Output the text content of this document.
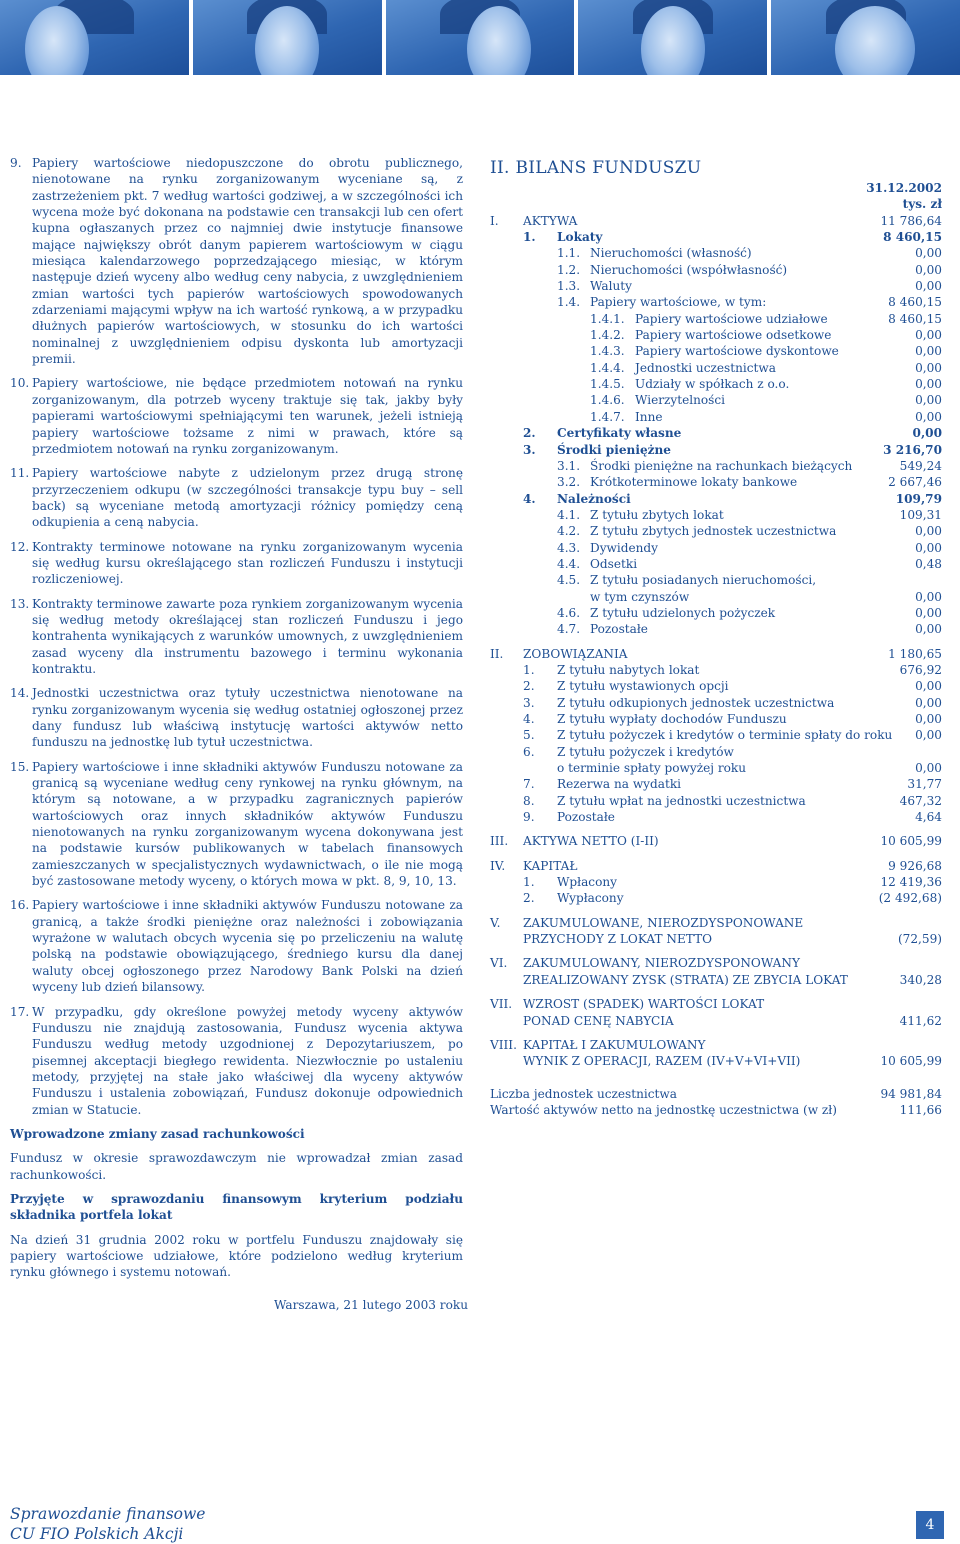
9. Papiery wartościowe niedopuszczone do obrotu publicznego, nienotowane na rynku zorganizowanym wyceniane są, z zastrzeżeniem pkt. 7 według wartości godziwej, a w szczególności ich wycena może być dokonana na podstawie cen transakcji lub cen ofert kupna ogłaszanych przez co najmniej dwie instytucje finansowe mające największy obrót danym papierem wartościowym w ciągu miesiąca kalendarzowego poprzedzającego miesiąc, w którym następuje dzień wyceny albo według ceny nabycia, z uwzględnieniem zmian wartości tych papierów wartościowych spowodowanych zdarzeniami mającymi wpływ na ich wartość rynkową, a w przypadku dłużnych papierów wartościowych, w stosunku do ich wartości nominalnej z uwzględnieniem odpisu dyskonta lub amortyzacji premii.

10. Papiery wartościowe, nie będące przedmiotem notowań na rynku zorganizowanym, dla potrzeb wyceny traktuje się tak, jakby były papierami wartościowymi spełniającymi ten warunek, jeżeli istnieją papiery wartościowe tożsame z nimi w prawach, które są przedmiotem notowań na rynku zorganizowanym.

11. Papiery wartościowe nabyte z udzielonym przez drugą stronę przyrzeczeniem odkupu (w szczególności transakcje typu buy – sell back) są wyceniane metodą amortyzacji różnicy pomiędzy ceną odkupienia a ceną nabycia.

12. Kontrakty terminowe notowane na rynku zorganizowanym wycenia się według kursu określającego stan rozliczeń Funduszu i instytucji rozliczeniowej.

13. Kontrakty terminowe zawarte poza rynkiem zorganizowanym wycenia się według metody określającej stan rozliczeń Funduszu i jego kontrahenta wynikających z warunków umownych, z uwzględnieniem zasad wyceny dla instrumentu bazowego i terminu wykonania kontraktu.

14. Jednostki uczestnictwa oraz tytuły uczestnictwa nienotowane na rynku zorganizowanym wycenia się według ostatniej ogłoszonej przez dany fundusz lub właściwą instytucję wartości aktywów netto funduszu na jednostkę lub tytuł uczestnictwa.

15. Papiery wartościowe i inne składniki aktywów Funduszu notowane za granicą są wyceniane według ceny rynkowej na rynku głównym, na którym są notowane, a w przypadku zagranicznych papierów wartościowych oraz innych składników aktywów Funduszu nienotowanych na rynku zorganizowanym wycena dokonywana jest na podstawie kursów publikowanych w tabelach finansowych zamieszczanych w specjalistycznych wydawnictwach, o ile nie mogą być zastosowane metody wyceny, o których mowa w pkt. 8, 9, 10, 13.

16. Papiery wartościowe i inne składniki aktywów Funduszu notowane za granicą, a także środki pieniężne oraz należności i zobowiązania wyrażone w walutach obcych wycenia się po przeliczeniu na walutę polską na podstawie obowiązującego, średniego kursu dla danej waluty obcej ogłoszonego przez Narodowy Bank Polski na dzień wyceny lub dzień bilansowy.

17. W przypadku, gdy określone powyżej metody wyceny aktywów Funduszu nie znajdują zastosowania, Fundusz wycenia aktywa Funduszu według metody uzgodnionej z Depozytariuszem, po pisemnej akceptacji biegłego rewidenta. Niezwłocznie po ustaleniu metody, przyjętej na stałe jako właściwej dla wyceny aktywów Funduszu i ustalenia zobowiązań, Fundusz dokonuje odpowiednich zmian w Statucie.

Wprowadzone zmiany zasad rachunkowości

Fundusz w okresie sprawozdawczym nie wprowadzał zmian zasad rachunkowości.

Przyjęte w sprawozdaniu finansowym kryterium podziału składnika portfela lokat

Na dzień 31 grudnia 2002 roku w portfelu Funduszu znajdowały się papiery wartościowe udziałowe, które podzielono według kryterium rynku głównego i systemu notowań.

Warszawa, 21 lutego 2003 roku
II. BILANS FUNDUSZU
31.12.2002
tys. zł
I. AKTYWA	11 786,64
1. Lokaty	8 460,15
1.1. Nieruchomości (własność)	0,00
1.2. Nieruchomości (współwłasność)	0,00
1.3. Waluty	0,00
1.4. Papiery wartościowe, w tym:	8 460,15
1.4.1. Papiery wartościowe udziałowe	8 460,15
1.4.2. Papiery wartościowe odsetkowe	0,00
1.4.3. Papiery wartościowe dyskontowe	0,00
1.4.4. Jednostki uczestnictwa	0,00
1.4.5. Udziały w spółkach z o.o.	0,00
1.4.6. Wierzytelności	0,00
1.4.7. Inne	0,00
2. Certyfikaty własne	0,00
3. Środki pieniężne	3 216,70
3.1. Środki pieniężne na rachunkach bieżących	549,24
3.2. Krótkoterminowe lokaty bankowe	2 667,46
4. Należności	109,79
4.1. Z tytułu zbytych lokat	109,31
4.2. Z tytułu zbytych jednostek uczestnictwa	0,00
4.3. Dywidendy	0,00
4.4. Odsetki	0,48
4.5. Z tytułu posiadanych nieruchomości,
w tym czynszów	0,00
4.6. Z tytułu udzielonych pożyczek	0,00
4.7. Pozostałe	0,00
II. ZOBOWIĄZANIA	1 180,65
1. Z tytułu nabytych lokat	676,92
2. Z tytułu wystawionych opcji	0,00
3. Z tytułu odkupionych jednostek uczestnictwa	0,00
4. Z tytułu wypłaty dochodów Funduszu	0,00
5. Z tytułu pożyczek i kredytów o terminie spłaty do roku 0,00
6. Z tytułu pożyczek i kredytów
o terminie spłaty powyżej roku	0,00
7. Rezerwa na wydatki	31,77
8. Z tytułu wpłat na jednostki uczestnictwa	467,32
9. Pozostałe	4,64
III. AKTYWA NETTO (I-II)	10 605,99
IV. KAPITAŁ	9 926,68
1. Wpłacony	12 419,36
2. Wypłacony	(2 492,68)
V. ZAKUMULOWANE, NIEROZDYSPONOWANE
PRZYCHODY Z LOKAT NETTO	(72,59)
VI. ZAKUMULOWANY, NIEROZDYSPONOWANY
ZREALIZOWANY ZYSK (STRATA) ZE ZBYCIA LOKAT	340,28
VII. WZROST (SPADEK) WARTOŚCI LOKAT
PONAD CENĘ NABYCIA	411,62
VIII. KAPITAŁ I ZAKUMULOWANY
WYNIK Z OPERACJI, RAZEM (IV+V+VI+VII)	10 605,99
Liczba jednostek uczestnictwa	94 981,84
Wartość aktywów netto na jednostkę uczestnictwa (w zł)	111,66
Sprawozdanie finansowe
CU FIO Polskich Akcji	4
